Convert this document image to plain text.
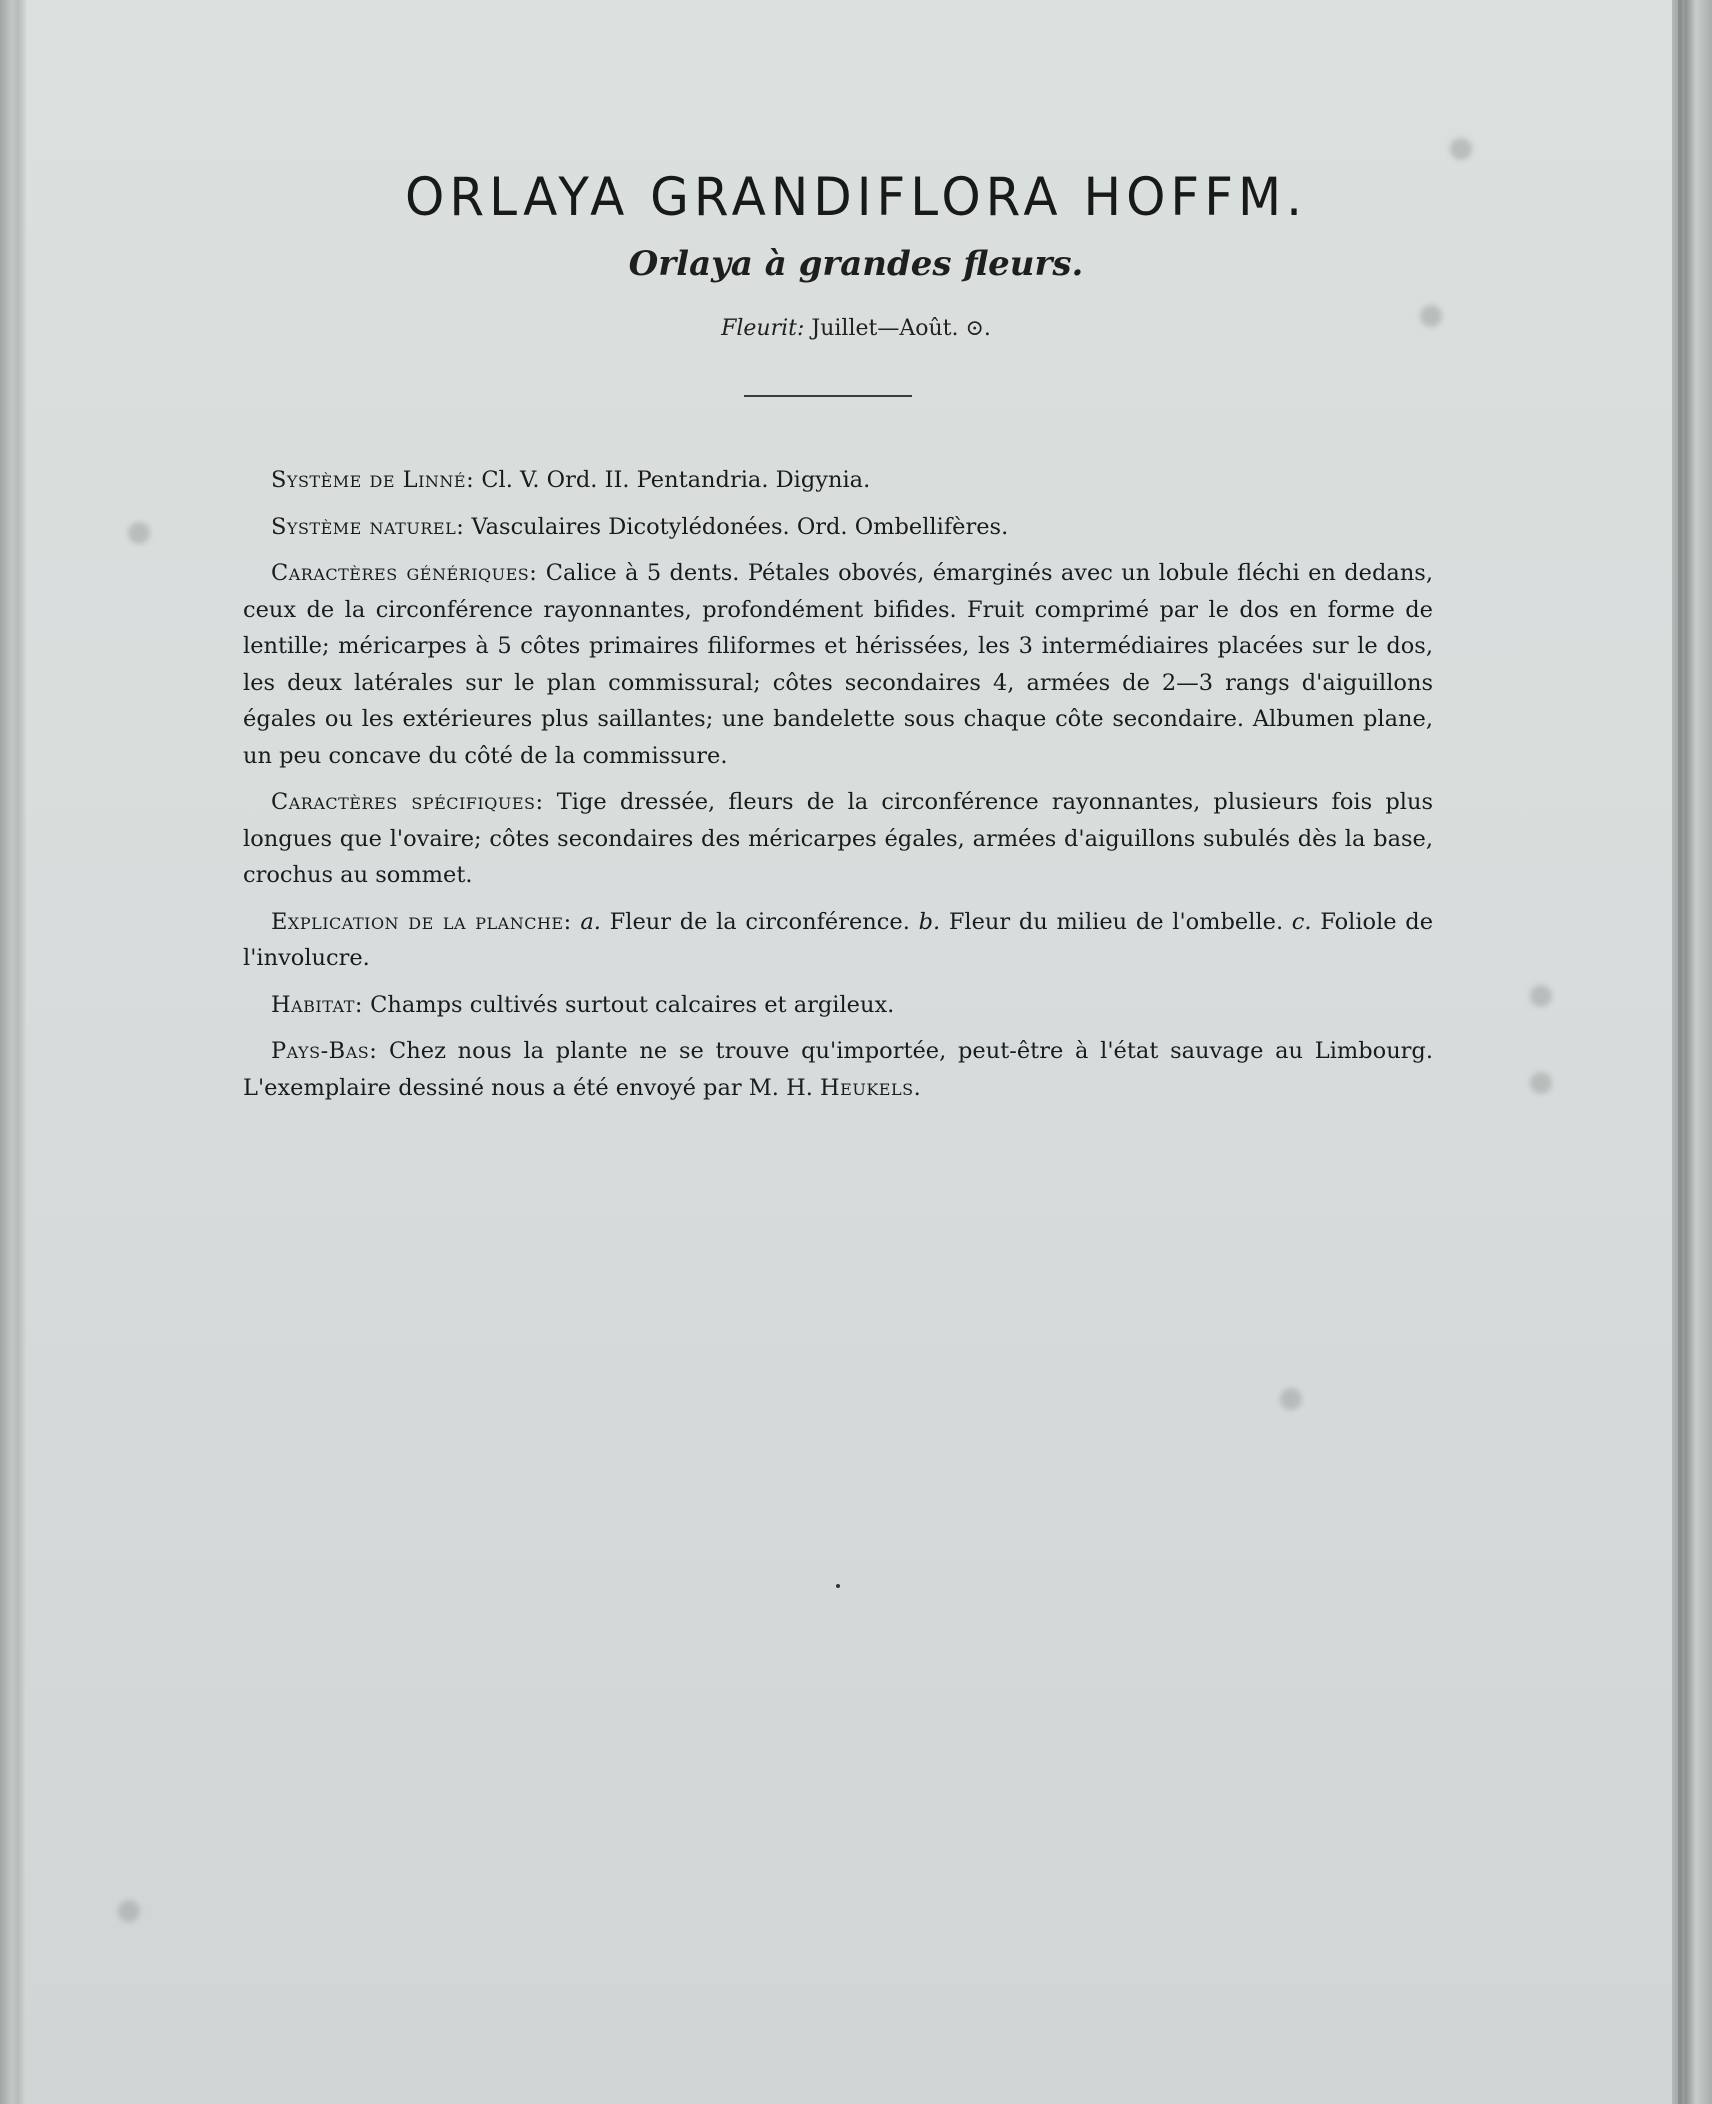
ORLAYA GRANDIFLORA HOFFM.
Orlaya à grandes fleurs.
Fleurit: Juillet—Août. ⊙.

Système de Linné: Cl. V. Ord. II. Pentandria. Digynia.

Système naturel: Vasculaires Dicotylédonées. Ord. Ombellifères.

Caractères génériques: Calice à 5 dents. Pétales obovés, émarginés avec un lobule fléchi en dedans, ceux de la circonférence rayonnantes, profondément bifides. Fruit comprimé par le dos en forme de lentille; méricarpes à 5 côtes primaires filiformes et hérissées, les 3 intermédiaires placées sur le dos, les deux latérales sur le plan commissural; côtes secondaires 4, armées de 2—3 rangs d'aiguillons égales ou les extérieures plus saillantes; une bandelette sous chaque côte secondaire. Albumen plane, un peu concave du côté de la commissure.

Caractères spécifiques: Tige dressée, fleurs de la circonférence rayonnantes, plusieurs fois plus longues que l'ovaire; côtes secondaires des méricarpes égales, armées d'aiguillons subulés dès la base, crochus au sommet.

Explication de la planche: a. Fleur de la circonférence. b. Fleur du milieu de l'ombelle. c. Foliole de l'involucre.

Habitat: Champs cultivés surtout calcaires et argileux.

Pays-Bas: Chez nous la plante ne se trouve qu'importée, peut-être à l'état sauvage au Limbourg. L'exemplaire dessiné nous a été envoyé par M. H. Heukels.
